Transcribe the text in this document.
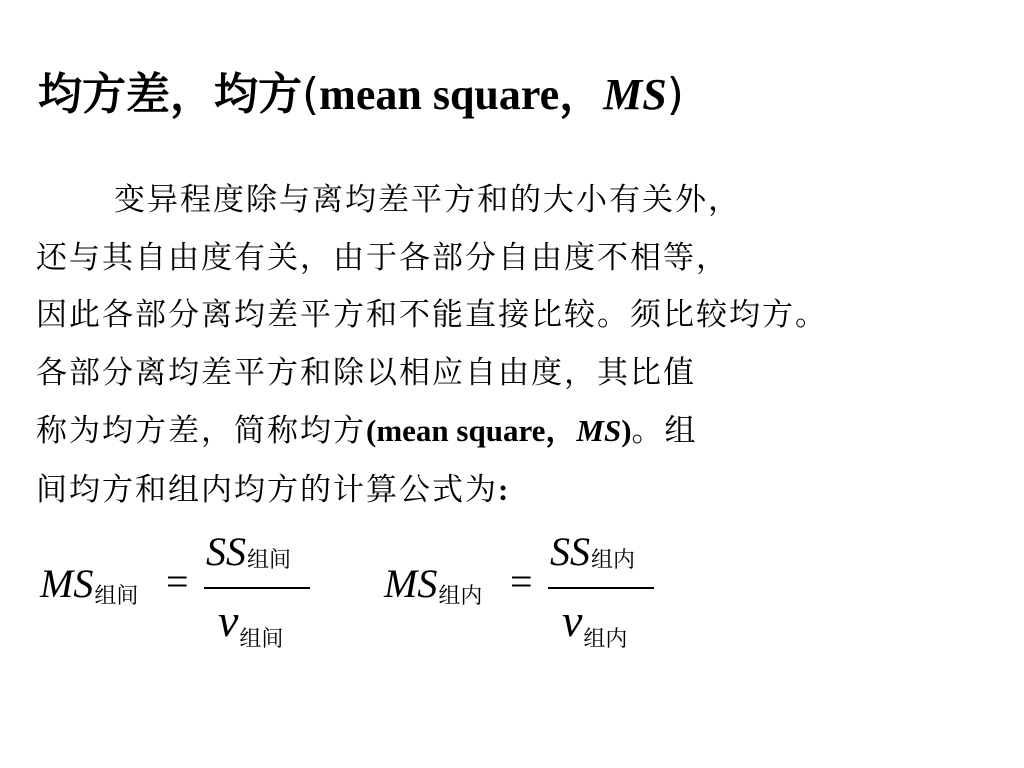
均方差，均方(mean square，MS)
变异程度除与离均差平方和的大小有关外，
还与其自由度有关，由于各部分自由度不相等，
因此各部分离均差平方和不能直接比较。须比较均方。
各部分离均差平方和除以相应自由度，其比值
称为均方差，简称均方(mean square，MS)。组
间均方和组内均方的计算公式为:
$MS_{组间}$ =
SS组间
$\nu_{组间}$
$MS_{组内}$ =
SS组内
$\nu_{组内}$
